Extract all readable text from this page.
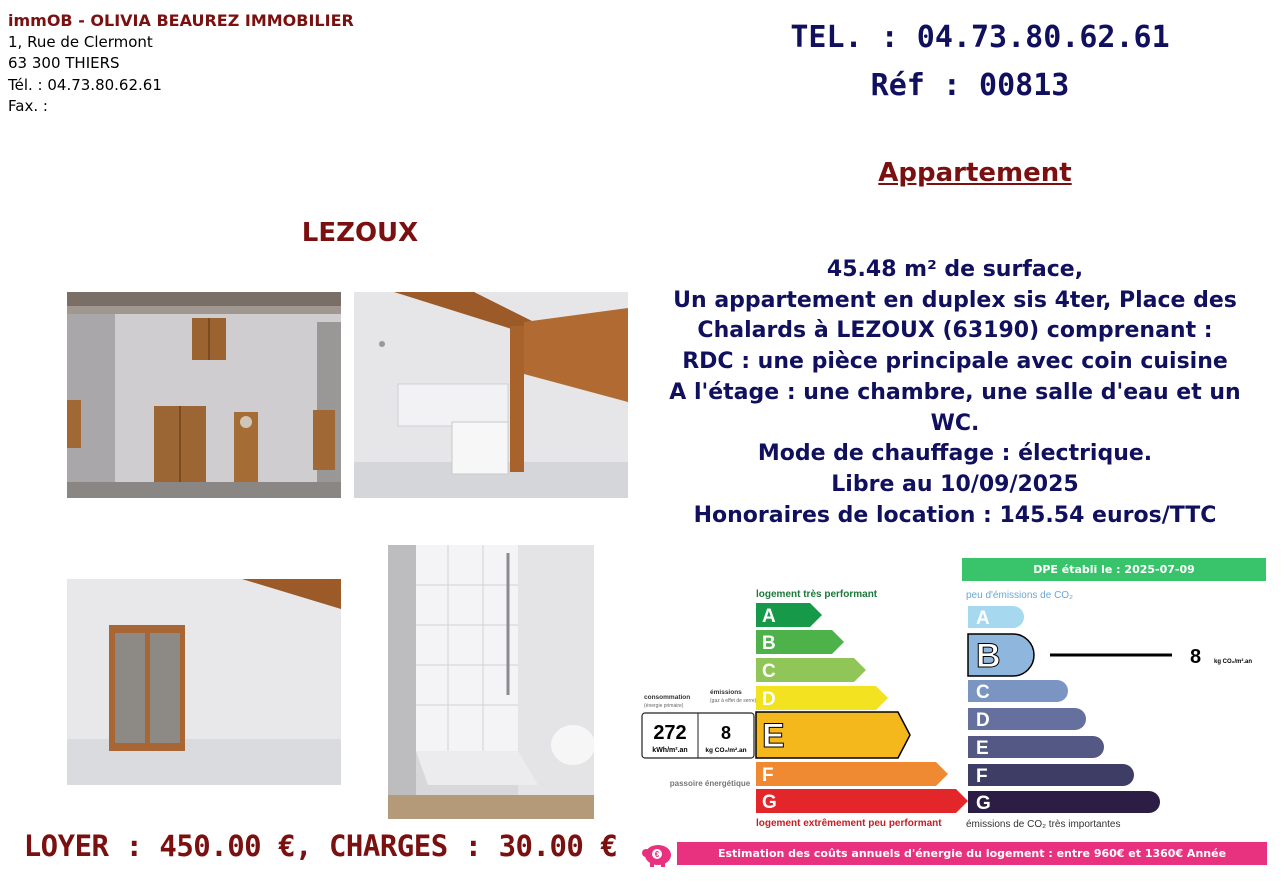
immOB - OLIVIA BEAUREZ IMMOBILIER
1, Rue de Clermont
63 300 THIERS
Tél. : 04.73.80.62.61
Fax. :
TEL. : 04.73.80.62.61
Réf : 00813
Appartement
LEZOUX
45.48 m² de surface,
Un appartement en duplex sis 4ter, Place des
Chalards à LEZOUX (63190) comprenant :
RDC : une pièce principale avec coin cuisine
A l'étage : une chambre, une salle d'eau et un
WC.
Mode de chauffage : électrique.
Libre au 10/09/2025
Honoraires de location : 145.54 euros/TTC
LOYER : 450.00 €, CHARGES : 30.00 €
DPE établi le : 2025-07-09
logement très performant
A
B
C
D
E
F
G
consommation
(énergie primaire)
émissions
(gaz à effet de serre)
272
kWh/m².an
8
kg CO₂/m².an
passoire énergétique
logement extrêmement peu performant
peu d'émissions de CO₂
A
B
C
D
E
F
G
8 kg CO₂/m².an
émissions de CO₂ très importantes
€	Estimation des coûts annuels d'énergie du logement : entre 960€ et 1360€ Année
